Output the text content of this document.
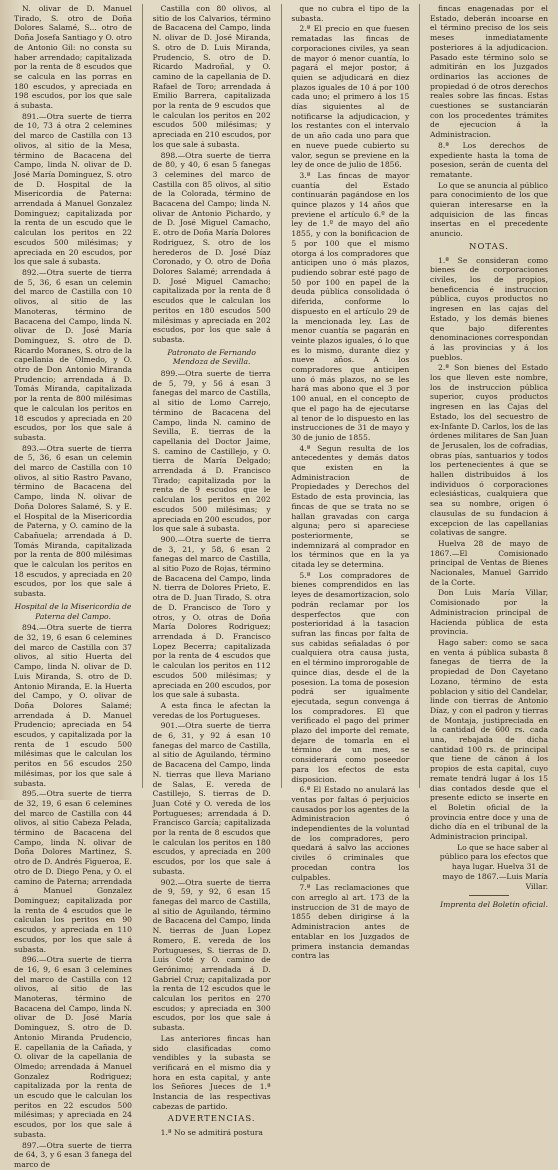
N. olivar de D. Manuel Tirado, S. otro de Doña Dolores Salamé, S... otro de Doña Josefa Santiago y O. otro de Antonio Gil: no consta su haber arrendado; capitalizada por la renta de 8 escudos que se calcula en las porras en 180 escudos, y apreciada en 198 escudos, por los que sale á subasta.

891.—Otra suerte de tierra de 10, 73 á otra 2 celemines del marco de Castilla con 13 olivos, al sitio de la Mesa, término de Bacacena del Campo, linda N. olivar de D. José María Dominguez, S. otro de D. Hospital de la Misericordia de Paterna: arrendada á Manuel Gonzalez Dominguez; capitalizada por la renta de un escudo que le calculan los peritos en 22 escudos 500 milésimas; y apreciada en 20 escudos, por los que sale á subasta.

892.—Otra suerte de tierra de 5, 36, 6 esan un celemin del marco de Castilla con 10 olivos, al sitio de las Manoteras, término de Bacacena del Campo, linda N. olivar de D. José María Dominguez, S. otro de D. Ricardo Moranes, S. otro de la capellania de Olmedo, y O. otro de Don Antonio Miranda Prudencio; arrendada á D. Tomás Miranda, capitalizada por la renta de 800 milésimas que le calculan los peritos en 18 escudos y apreciada en 20 escudos, por los que sale á subasta.

893.—Otra suerte de tierra de 5, 36, 6 esan un celemin del marco de Castilla con 10 olivos, al sitio Rastro Pavano, término de Bacacena del Campo, linda N. olivar de Doña Dolores Salamé, S. y E. el Hospital de la Misericordia de Paterna, y O. camino de la Cabañuela; arrendada á D. Tomás Miranda, capitalizada por la renta de 800 milésimas que le calculan los peritos en 18 escudos, y apreciada en 20 escudos, por los que sale á subasta.

Hospital de la Misericordia de Paterna del Campo.

894.—Otra suerte de tierra de 32, 19, 6 esan 6 celemines del marco de Castilla con 37 olivos, al sitio Huerta del Campo, linda N. olivar de D. Luis Miranda, S. otro de D. Antonio Miranda, E. la Huerta del Campo, y O. olivar de Doña Dolores Salamé; arrendada á D. Manuel Prudencio; apreciada en 54 escudos, y capitalizada por la renta de 1 escudo 500 milésimas que le calculan los peritos en 56 escudos 250 milésimas, por los que sale á subasta.

895.—Otra suerte de tierra de 32, 19, 6 esan 6 celemines del marco de Castilla con 44 olivos, al sitio Cabeza Pelada, término de Bacacena del Campo, linda N. olivar de Doña Dolores Martinez, S. otro de D. Andrés Figueroa, E. otro de D. Diego Pena, y O. el camino de Paterna; arrendada á Manuel Gonzalez Dominguez; capitalizada por la renta de 4 escudos que le calculan los peritos en 90 escudos, y apreciada en 110 escudos, por los que sale á subasta.

896.—Otra suerte de tierra de 16, 9, 6 esan 3 celemines del marco de Castilla con 12 olivos, al sitio de las Manoteras, término de Bacacena del Campo, linda N. olivar de D. José María Dominguez, S. otro de D. Antonio Miranda Prudencio, E. capellania de la Cañada, y O. olivar de la capellania de Olmedo; arrendada á Manuel Gonzalez Rodriguez; capitalizada por la renta de un escudo que le calculan los peritos en 22 escudos 500 milésimas; y apreciada en 24 escudos, por los que sale á subasta.

897.—Otra suerte de tierra de 64, 3, y 6 esan 3 fanega del marco de

Castilla con 80 olivos, al sitio de los Calvarios, término de Bacacena del Campo, linda N. olivar de D. José Miranda, S. otro de D. Luis Miranda, Prudencio, S. otro de D. Ricardo Madroñal, y O. camino de la capellania de D. Rafael de Toro; arrendada á Emilio Barrera, capitalizada por la renta de 9 escudos que le calculan los peritos en 202 escudos 500 milésimas; y apreciada en 210 escudos, por los que sale á subasta.

898.—Otra suerte de tierra de 80, y 40, 6 esan 5 fanegas 3 celemines del marco de Castilla con 85 olivos, al sitio de la Colorada, término de Bacacena del Campo; linda N. olivar de Antonio Pichardo, y de D. José Miguel Camacho, E. otro de Doña María Dolores Rodriguez, S. otro de los herederos de D. José Díaz Coronado, y O. otro de Doña Dolores Salamé; arrendada á D. José Miguel Camacho; capitalizada por la renta de 8 escudos que le calculan los peritos en 180 escudos 500 milésimas y apreciada en 202 escudos, por los que sale á subasta.

Patronato de Fernando Mendoza de Sevilla.

899.—Otra suerte de tierra de 5, 79, y 56 á esan 3 fanegas del marco de Castilla, al sitio de Lomo Carrejo, término de Bacacena del Campo, linda N. camino de Sevilla, E. tierras de la capellania del Doctor Jaime, S. camino de Castillejo, y O. tierra de María Delgado; arrendada á D. Francisco Tirado; capitalizada por la renta de 9 escudos que le calculan los peritos en 202 escudos 500 milésimas; y apreciada en 200 escudos, por los que sale á subasta.

900.—Otra suerte de tierra de 3, 21, y 58, 6 esan 2 fanegas del marco de Castilla, al sitio Pozo de Rojas, término de Bacacena del Campo, linda N. tierra de Dolores Prieto, E. otra de D. Juan Tirado, S. otra de D. Francisco de Toro y otros, y O. otras de Doña María Dolores Rodriguez; arrendada á D. Francisco Lopez Becerra; capitalizada por la renta de 4 escudos que le calculan los peritos en 112 escudos 500 milésimas; y apreciada en 200 escudos, por los que sale á subasta.

A esta finca le afectan la veredas de los Portugueses.

901.—Otra suerte de tierra de 6, 31, y 92 á esan 10 fanegas del marco de Castilla, al sitio de Aguilando, término de Bacacena del Campo, linda N. tierras que lleva Mariano de Salas, E. vereda de Castillejo, S. tierras de D. Juan Coté y O. vereda de los Portugueses; arrendada á D. Francisco García; capitalizada por la renta de 8 escudos que le calculan los peritos en 180 escudos, y apreciada en 200 escudos, por los que sale á subasta.

902.—Otra suerte de tierra de 9, 59, y 92, 6 esan 15 fanegas del marco de Castilla, al sitio de Aguilando, término de Bacacena del Campo, linda N. tierras de Juan Lopez Romero, E. vereda de los Portugueses, S. tierras de D. Luis Coté y O. camino de Gerónimo; arrendada á D. Gabriel Cruz; capitalizada por la renta de 12 escudos que le calculan los peritos en 270 escudos; y apreciada en 300 escudos, por los que sale á subasta.

Las anteriores fincas han sido clasificadas como vendibles y la subasta se verificará en el mismo dia y hora en esta capital, y ante los Señores Jueces de 1.ª Instancia de las respectivas cabezas de partido.

ADVERTENCIAS.

1.ª No se admitirá postura

que no cubra el tipo de la subasta.

2.ª El precio en que fuesen rematadas las fincas de corporaciones civiles, ya sean de mayor ó menor cuantía, lo pagará el mejor postor, á quien se adjudicará en diez plazos iguales de 10 á por 100 cada uno; el primero á los 15 días siguientes al de notificarse la adjudicacion, y los restantes con el intervalo de un año cada uno para que en nueve puede cubierto su valor, segun se previene en la ley de once de julio de 1856.

3.ª Las fincas de mayor cuantía del Estado continuarán pagándose en los quince plazos y 14 años que previene el artículo 6.º de la ley de 1.º de mayo del año 1855, y con la bonificacion de 5 por 100 que el mismo otorga á los compradores que anticipen uno ó más plazos, pudiendo sobrar esté pago de 50 por 100 en papel de la deuda pública consolidada ó diferida, conforme lo dispuesto en el artículo 29 de la mencionada ley. Las de menor cuantía se pagarán en veinte plazos iguales, ó lo que es lo mismo, durante diez y nueve años. A los compradores que anticipen uno ó más plazos, no se les hará mas abono que el 3 por 100 anual, en el concepto de que el pago ha de ejecutarse al tenor de lo dispuesto en las instrucciones de 31 de mayo y 30 de junio de 1855.

4.ª Segun resulta de los antecedentes y demás datos que existen en la Administracion de Propiedades y Derechos del Estado de esta provincia, las fincas de que se trata no se hallan gravadas con carga alguna; pero si apareciese posteriormente, se indemnizará al comprador en los términos que en la ya citada ley se determina.

5.ª Los compradores de bienes comprendidos en las leyes de desamortizacion, solo podrán reclamar por los desperfectos que con posterioridad á la tasacion sufran las fincas por falta de sus cabidas señaladas ó por cualquiera otra causa justa, en el término improrogable de quince dias, desde el de la posesion. La toma de posesion podrá ser igualmente ejecutada, segun convenga á los compradores. El que verificado el pago del primer plazo del importe del remate, dejare de tomarla en el término de un mes, se considerará como poseedor para los efectos de esta disposicion.

6.ª El Estado no anulará las ventas por faltas ó perjuicios causados por los agentes de la Administracion ó independientes de la voluntad de los compradores, pero quedará á salvo las acciones civiles ó criminales que procedan contra los culpables.

7.ª Las reclamaciones que con arreglo al art. 173 de la instruccion de 31 de mayo de 1855 deben dirigirse á la Administracion antes de entablar en los Juzgados de primera instancia demandas contra las

fincas enagenadas por el Estado, deberán incoarse en el término preciso de los seis meses inmediatamente posteriores á la adjudicacion. Pasado este término solo se admitirán en los Juzgados ordinarios las acciones de propiedad ó de otros derechos reales sobre las fincas. Estas cuestiones se sustanciarán con los procedentes trámites de ejecucion á la Administracion.

8.ª Los derechos de expediente hasta la toma de posesion, serán de cuenta del rematante.

Lo que se anuncia al público para conocimiento de los que quieran interesarse en la adquisicion de las fincas insertas en el precedente anuncio.

NOTAS.

1.ª Se consideran como bienes de corporaciones civiles, los de propios, beneficencia é instruccion pública, cuyos productos no ingresen en las cajas del Estado, y los demás bienes que bajo diferentes denominaciones correspondan á las provincias y á los pueblos.

2.ª Son bienes del Estado los que lleven este nombre, los de instruccion pública superior, cuyos productos ingresen en las Cajas del Estado, los del secuestro de ex-Infante D. Carlos, los de las órdenes militares de San Juan de Jerusalen, los de cofradias, obras pías, santuarios y todos los pertenecientes á que se hallen distribuidos á los individuos ó corporaciones eclesiásticas, cualquiera que sea su nombre, origen ó clausulas de su fundacion á excepcion de las capellanias colativas de sangre.

Huelva 28 de mayo de 1867.—El Comisionado principal de Ventas de Bienes Nacionales, Manuel Garrido de la Corte.

Don Luis María Villar, Comisionado por la Administracion principal de Hacienda pública de esta provincia.

Hago saber: como se saca en venta á pública subasta 8 fanegas de tierra de la propiedad de Don Cayetano Lozano, término de esta poblacion y sitio del Candelar, linde con tierras de Antonio Díaz, y con el padron y tierras de Montaja, justipreciada en la cantidad de 600 rs. cada una, rebajada de dicha cantidad 100 rs. de principal que tiene de cánon á los propios de esta capital, cuyo remate tendrá lugar á los 15 dias contados desde que el presente edicto se inserte en el Boletin oficial de la provincia entre doce y una de dicho día en el tribunal de la Administracion principal.

Lo que se hace saber al público para los efectos que haya lugar. Huelva 31 de mayo de 1867.—Luis María Villar.

Imprenta del Boletin oficial.
